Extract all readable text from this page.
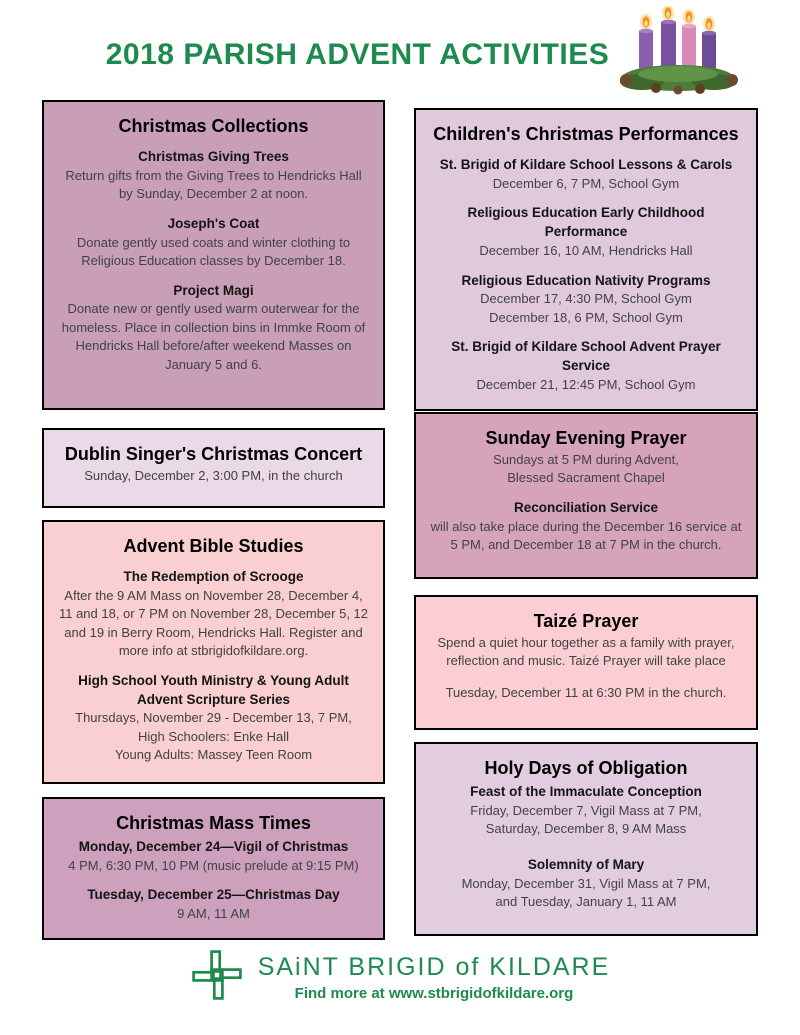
2018 PARISH ADVENT ACTIVITIES
Christmas Collections
Christmas Giving Trees
Return gifts from the Giving Trees to Hendricks Hall by Sunday, December 2 at noon.
Joseph's Coat
Donate gently used coats and winter clothing to Religious Education classes by December 18.
Project Magi
Donate new or gently used warm outerwear for the homeless. Place in collection bins in Immke Room of Hendricks Hall before/after weekend Masses on January 5 and 6.
Dublin Singer's Christmas Concert
Sunday, December 2, 3:00 PM, in the church
Advent Bible Studies
The Redemption of Scrooge
After the 9 AM Mass on November 28, December 4, 11 and 18, or 7 PM on November 28, December 5, 12 and 19 in Berry Room, Hendricks Hall. Register and more info at stbrigidofkildare.org.
High School Youth Ministry & Young Adult Advent Scripture Series
Thursdays, November 29 - December 13, 7 PM,
High Schoolers: Enke Hall
Young Adults: Massey Teen Room
Christmas Mass Times
Monday, December 24—Vigil of Christmas
4 PM, 6:30 PM, 10 PM (music prelude at 9:15 PM)
Tuesday, December 25—Christmas Day
9 AM, 11 AM
Children's Christmas Performances
St. Brigid of Kildare School Lessons & Carols
December 6, 7 PM, School Gym
Religious Education Early Childhood Performance
December 16, 10 AM, Hendricks Hall
Religious Education Nativity Programs
December 17, 4:30 PM, School Gym
December 18, 6 PM, School Gym
St. Brigid of Kildare School Advent Prayer Service
December 21, 12:45 PM, School Gym
Sunday Evening Prayer
Sundays at 5 PM during Advent,
Blessed Sacrament Chapel
Reconciliation Service
will also take place during the December 16 service at 5 PM, and December 18 at 7 PM in the church.
Taizé Prayer
Spend a quiet hour together as a family with prayer, reflection and music. Taizé Prayer will take place
Tuesday, December 11 at 6:30 PM in the church.
Holy Days of Obligation
Feast of the Immaculate Conception
Friday, December 7, Vigil Mass at 7 PM,
Saturday, December 8, 9 AM Mass
Solemnity of Mary
Monday, December 31, Vigil Mass at 7 PM,
and Tuesday, January 1, 11 AM
SAiNT BRIGID of KILDARE
Find more at www.stbrigidofkildare.org
